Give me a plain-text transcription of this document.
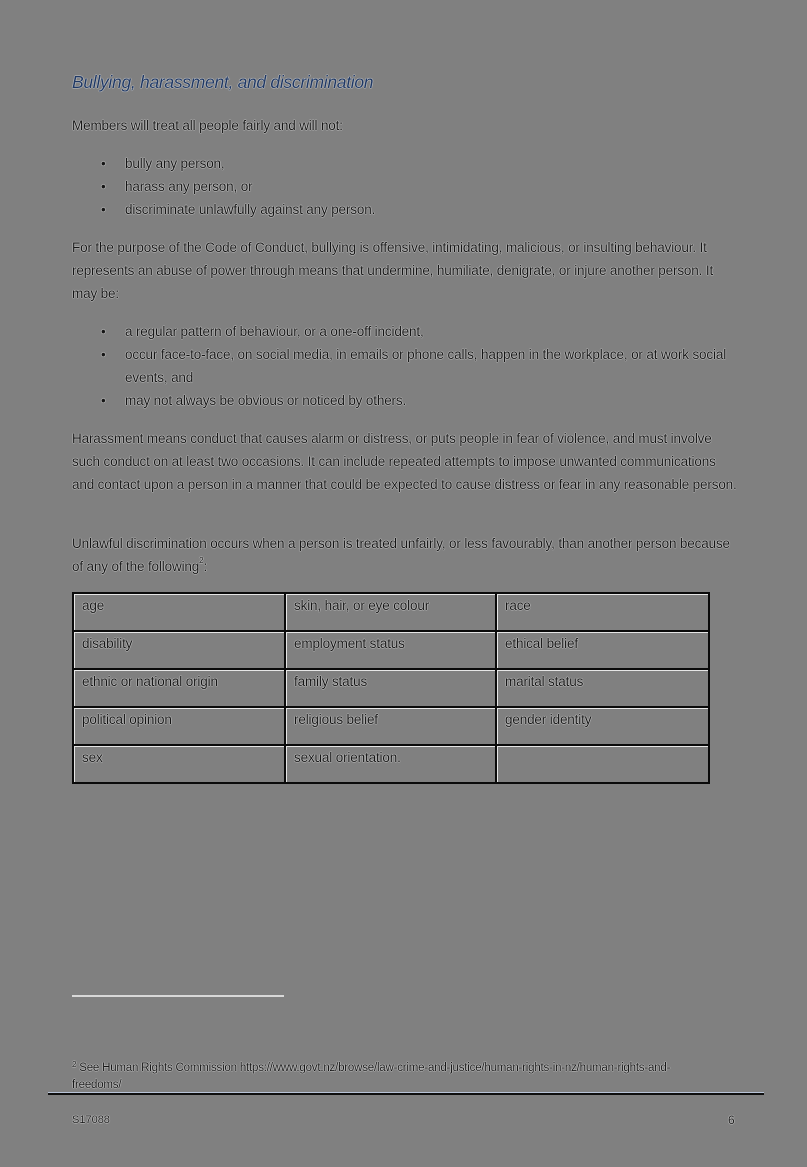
Bullying, harassment, and discrimination

Members will treat all people fairly and will not:

• bully any person,
• harass any person, or
• discriminate unlawfully against any person.

For the purpose of the Code of Conduct, bullying is offensive, intimidating, malicious, or insulting behaviour. It represents an abuse of power through means that undermine, humiliate, denigrate, or injure another person. It may be:

• a regular pattern of behaviour, or a one-off incident,
• occur face-to-face, on social media, in emails or phone calls, happen in the workplace, or at work social events, and
• may not always be obvious or noticed by others.

Harassment means conduct that causes alarm or distress, or puts people in fear of violence, and must involve such conduct on at least two occasions. It can include repeated attempts to impose unwanted communications and contact upon a person in a manner that could be expected to cause distress or fear in any reasonable person.

Unlawful discrimination occurs when a person is treated unfairly, or less favourably, than another person because of any of the following$^2$:

age	skin, hair, or eye colour	race
disability	employment status	ethical belief
ethnic or national origin	family status	marital status
political opinion	religious belief	gender identity
sex	sexual orientation.	

$^2$ See Human Rights Commission https://www.govt.nz/browse/law-crime-and-justice/human-rights-in-nz/human-rights-and-freedoms/

S17088	6
